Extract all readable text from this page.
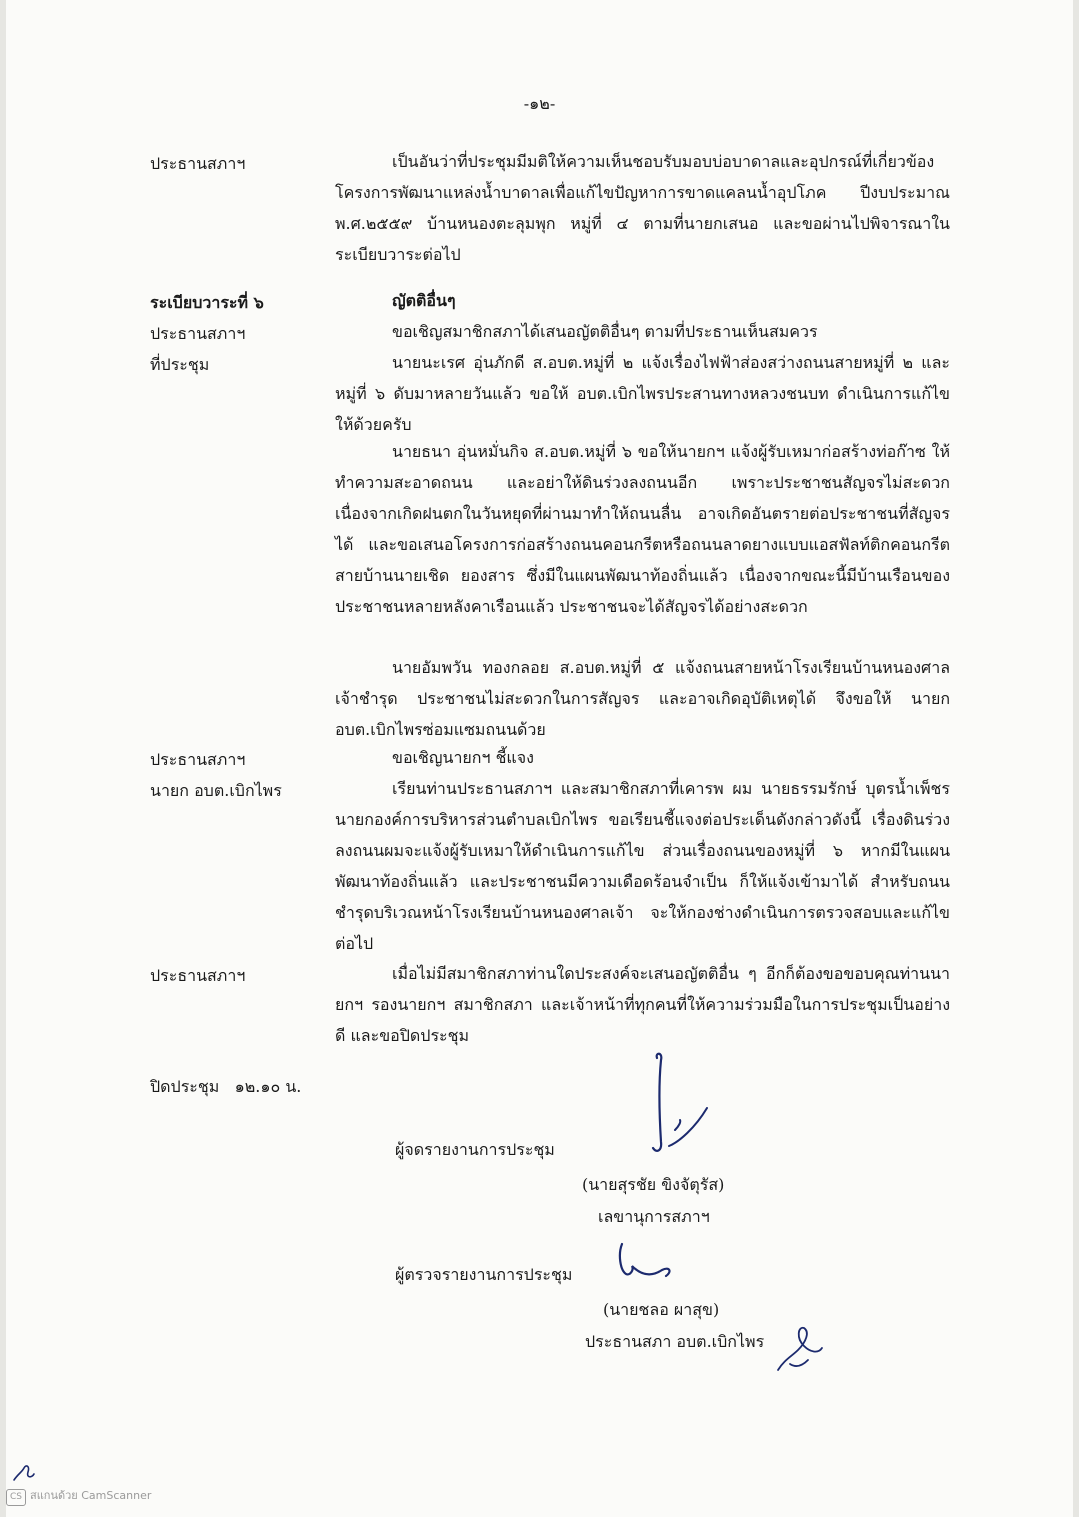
-๑๒-
ประธานสภาฯ	เป็นอันว่าที่ประชุมมีมติให้ความเห็นชอบรับมอบบ่อบาดาลและอุปกรณ์ที่เกี่ยวข้อง โครงการพัฒนาแหล่งน้ำบาดาลเพื่อแก้ไขปัญหาการขาดแคลนน้ำอุปโภค ปีงบประมาณ พ.ศ.๒๕๕๙ บ้านหนองตะลุมพุก หมู่ที่ ๔ ตามที่นายกเสนอ และขอผ่านไปพิจารณาในระเบียบวาระต่อไป

ระเบียบวาระที่ ๖	ญัตติอื่นๆ

ประธานสภาฯ	ขอเชิญสมาชิกสภาได้เสนอญัตติอื่นๆ ตามที่ประธานเห็นสมควร

ที่ประชุม	นายนะเรศ อุ่นภักดี ส.อบต.หมู่ที่ ๒ แจ้งเรื่องไฟฟ้าส่องสว่างถนนสายหมู่ที่ ๒ และหมู่ที่ ๖ ดับมาหลายวันแล้ว ขอให้ อบต.เบิกไพรประสานทางหลวงชนบท ดำเนินการแก้ไขให้ด้วยครับ

นายธนา อุ่นหมั่นกิจ ส.อบต.หมู่ที่ ๖ ขอให้นายกฯ แจ้งผู้รับเหมาก่อสร้างท่อก๊าซ ให้ทำความสะอาดถนน และอย่าให้ดินร่วงลงถนนอีก เพราะประชาชนสัญจรไม่สะดวก เนื่องจากเกิดฝนตกในวันหยุดที่ผ่านมาทำให้ถนนลื่น อาจเกิดอันตรายต่อประชาชนที่สัญจรได้ และขอเสนอโครงการก่อสร้างถนนคอนกรีตหรือถนนลาดยางแบบแอสฟัลท์ติกคอนกรีต สายบ้านนายเชิด ยองสาร ซึ่งมีในแผนพัฒนาท้องถิ่นแล้ว เนื่องจากขณะนี้มีบ้านเรือนของประชาชนหลายหลังคาเรือนแล้ว ประชาชนจะได้สัญจรได้อย่างสะดวก

นายอัมพวัน ทองกลอย ส.อบต.หมู่ที่ ๕ แจ้งถนนสายหน้าโรงเรียนบ้านหนองศาลเจ้าชำรุด ประชาชนไม่สะดวกในการสัญจร และอาจเกิดอุบัติเหตุได้ จึงขอให้ นายก อบต.เบิกไพรซ่อมแซมถนนด้วย

ประธานสภาฯ	ขอเชิญนายกฯ ชี้แจง

นายก อบต.เบิกไพร	เรียนท่านประธานสภาฯ และสมาชิกสภาที่เคารพ ผม นายธรรมรักษ์ บุตรน้ำเพ็ชร นายกองค์การบริหารส่วนตำบลเบิกไพร ขอเรียนชี้แจงต่อประเด็นดังกล่าวดังนี้ เรื่องดินร่วงลงถนนผมจะแจ้งผู้รับเหมาให้ดำเนินการแก้ไข ส่วนเรื่องถนนของหมู่ที่ ๖ หากมีในแผนพัฒนาท้องถิ่นแล้ว และประชาชนมีความเดือดร้อนจำเป็น ก็ให้แจ้งเข้ามาได้ สำหรับถนนชำรุดบริเวณหน้าโรงเรียนบ้านหนองศาลเจ้า จะให้กองช่างดำเนินการตรวจสอบและแก้ไขต่อไป

ประธานสภาฯ	เมื่อไม่มีสมาชิกสภาท่านใดประสงค์จะเสนอญัตติอื่น ๆ อีกก็ต้องขอขอบคุณท่านนายกฯ รองนายกฯ สมาชิกสภา และเจ้าหน้าที่ทุกคนที่ให้ความร่วมมือในการประชุมเป็นอย่างดี และขอปิดประชุม

ปิดประชุม ๑๒.๑๐ น.
ผู้จดรายงานการประชุม
(นายสุรชัย ขิงจัตุรัส)
เลขานุการสภาฯ
ผู้ตรวจรายงานการประชุม
(นายชลอ ผาสุข)
ประธานสภา อบต.เบิกไพร
CS สแกนด้วย CamScanner
